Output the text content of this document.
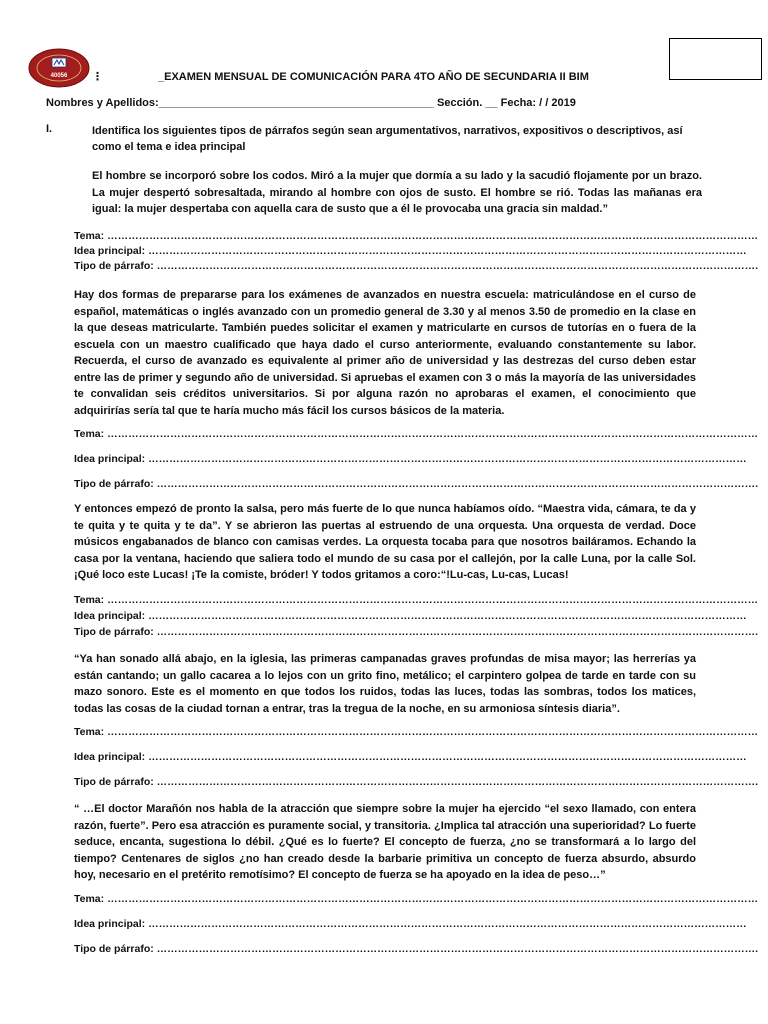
40056 ⋮	_EXAMEN MENSUAL DE COMUNICACIÓN PARA 4TO AÑO DE SECUNDARIA II BIM
Nombres y Apellidos:_____________________________________________ Sección. __ Fecha: / / 2019
I.	Identifica los siguientes tipos de párrafos según sean argumentativos, narrativos, expositivos o descriptivos, así como el tema e idea principal
El hombre se incorporó sobre los codos. Miró a la mujer que dormía a su lado y la sacudió flojamente por un brazo. La mujer despertó sobresaltada, mirando al hombre con ojos de susto. El hombre se rió. Todas las mañanas era igual: la mujer despertaba con aquella cara de susto que a él le provocaba una gracia sin maldad.”
Tema: ……………………………………………………………………………………………………………………………………………………………………
Idea principal: ………………………………………………………………………………………………………………………………………………………
Tipo de párrafo: ……………………………………………………………………………………………………………………………………………………….
Hay dos formas de prepararse para los exámenes de avanzados en nuestra escuela: matriculándose en el curso de español, matemáticas o inglés avanzado con un promedio general de 3.30 y al menos 3.50 de promedio en la clase en la que deseas matricularte. También puedes solicitar el examen y matricularte en cursos de tutorías en o fuera de la escuela con un maestro cualificado que haya dado el curso anteriormente, evaluando constantemente su labor. Recuerda, el curso de avanzado es equivalente al primer año de universidad y las destrezas del curso deben estar entre las de primer y segundo año de universidad. Si apruebas el examen con 3 o más la mayoría de las universidades te convalidan seis créditos universitarios. Si por alguna razón no aprobaras el examen, el conocimiento que adquirirías sería tal que te haría mucho más fácil los cursos básicos de la materia.
Tema: ……………………………………………………………………………………………………………………………………………………………………
Idea principal: ………………………………………………………………………………………………………………………………………………………
Tipo de párrafo: ……………………………………………………………………………………………………………………………………………………….
Y entonces empezó de pronto la salsa, pero más fuerte de lo que nunca habíamos oído. “Maestra vida, cámara, te da y te quita y te quita y te da”. Y se abrieron las puertas al estruendo de una orquesta. Una orquesta de verdad. Doce músicos engabanados de blanco con camisas verdes. La orquesta tocaba para que nosotros bailáramos. Echando la casa por la ventana, haciendo que saliera todo el mundo de su casa por el callejón, por la calle Luna, por la calle Sol. ¡Qué loco este Lucas! ¡Te la comiste, bróder! Y todos gritamos a coro:“!Lu-cas, Lu-cas, Lucas!
Tema: ……………………………………………………………………………………………………………………………………………………………………
Idea principal: ………………………………………………………………………………………………………………………………………………………
Tipo de párrafo: ……………………………………………………………………………………………………………………………………………………….
“Ya han sonado allá abajo, en la iglesia, las primeras campanadas graves profundas de misa mayor; las herrerías ya están cantando; un gallo cacarea a lo lejos con un grito fino, metálico; el carpintero golpea de tarde en tarde con su mazo sonoro. Este es el momento en que todos los ruidos, todas las luces, todas las sombras, todos los matices, todas las cosas de la ciudad tornan a entrar, tras la tregua de la noche, en su armoniosa síntesis diaria”.
Tema: ……………………………………………………………………………………………………………………………………………………………………
Idea principal: ………………………………………………………………………………………………………………………………………………………
Tipo de párrafo: ……………………………………………………………………………………………………………………………………………………….
“ …El doctor Marañón nos habla de la atracción que siempre sobre la mujer ha ejercido “el sexo llamado, con entera razón, fuerte”. Pero esa atracción es puramente social, y transitoria. ¿Implica tal atracción una superioridad? Lo fuerte seduce, encanta, sugestiona lo débil. ¿Qué es lo fuerte? El concepto de fuerza, ¿no se transformará a lo largo del tiempo? Centenares de siglos ¿no han creado desde la barbarie primitiva un concepto de fuerza absurdo, absurdo hoy, necesario en el pretérito remotísimo? El concepto de fuerza se ha apoyado en la idea de peso…”
Tema: ……………………………………………………………………………………………………………………………………………………………………
Idea principal: ………………………………………………………………………………………………………………………………………………………
Tipo de párrafo: ……………………………………………………………………………………………………………………………………………………….
